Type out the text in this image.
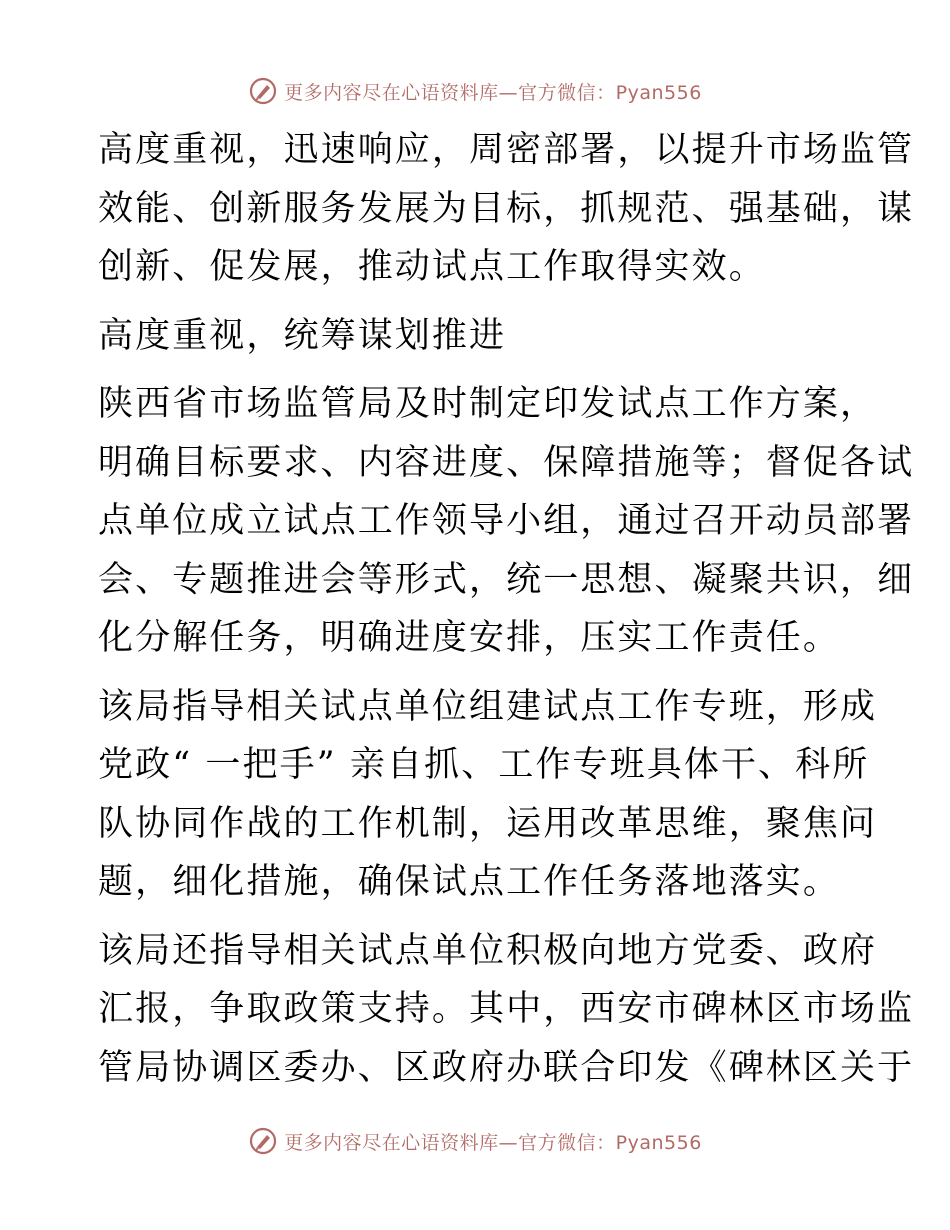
更多内容尽在心语资料库—官方微信：Pyan556

高度重视，迅速响应，周密部署，以提升市场监管
效能、创新服务发展为目标，抓规范、强基础，谋
创新、促发展，推动试点工作取得实效。

高度重视，统筹谋划推进

陕西省市场监管局及时制定印发试点工作方案，
明确目标要求、内容进度、保障措施等；督促各试
点单位成立试点工作领导小组，通过召开动员部署
会、专题推进会等形式，统一思想、凝聚共识，细
化分解任务，明确进度安排，压实工作责任。

该局指导相关试点单位组建试点工作专班，形成
党政“ 一把手” 亲自抓、工作专班具体干、科所
队协同作战的工作机制，运用改革思维，聚焦问
题，细化措施，确保试点工作任务落地落实。

该局还指导相关试点单位积极向地方党委、政府
汇报，争取政策支持。其中，西安市碑林区市场监
管局协调区委办、区政府办联合印发《碑林区关于

更多内容尽在心语资料库—官方微信：Pyan556
